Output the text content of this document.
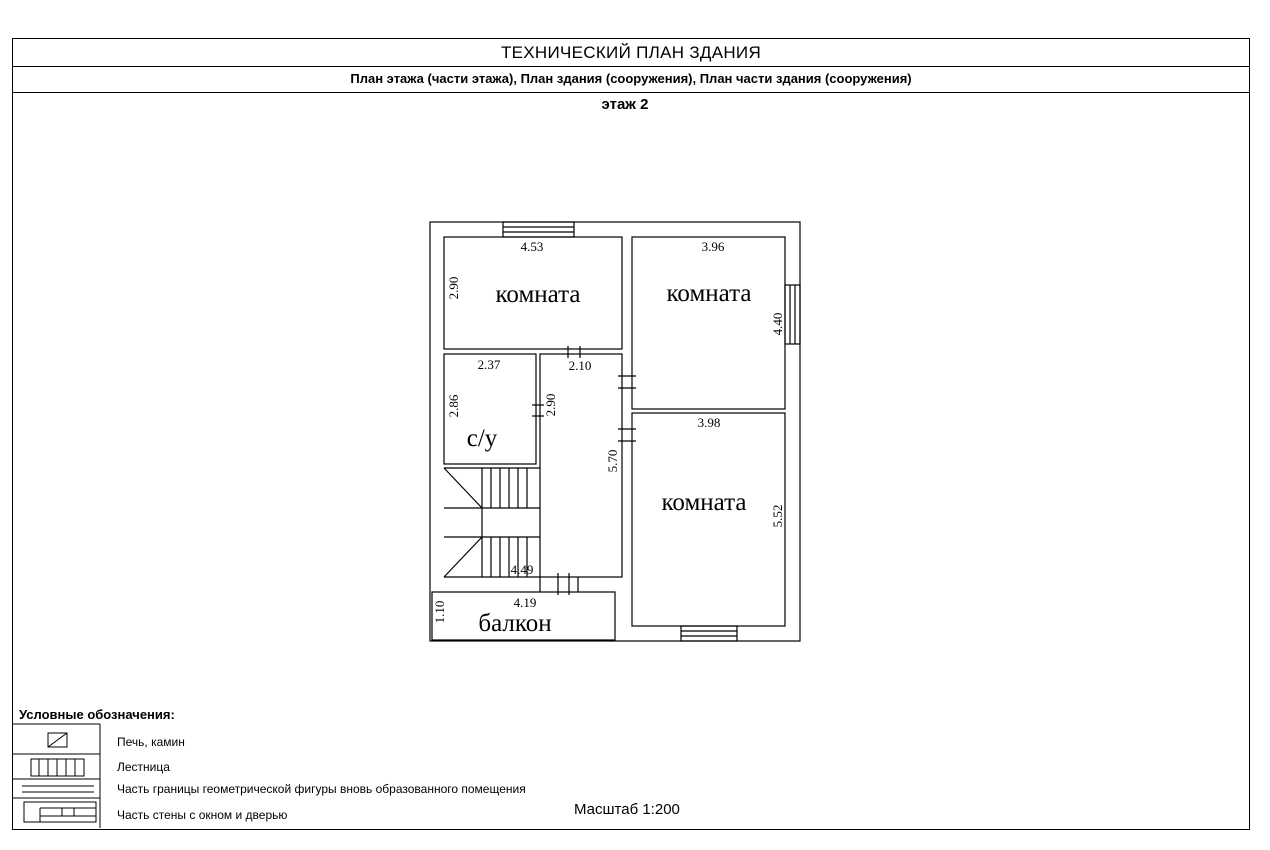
ТЕХНИЧЕСКИЙ ПЛАН ЗДАНИЯ
План этажа (части этажа), План здания (сооружения), План части здания (сооружения)
этаж 2
комната	комната
комната
с/у
балкон
4.53	3.96
3.98
2.37	2.10
4.49
4.19
2.90
4.40
5.52
2.86	2.90
5.70
1.10
Условные обозначения:
Печь, камин
Лестница
Часть границы геометрической фигуры вновь образованного помещения
Часть стены с окном и дверью	Масштаб 1:200
